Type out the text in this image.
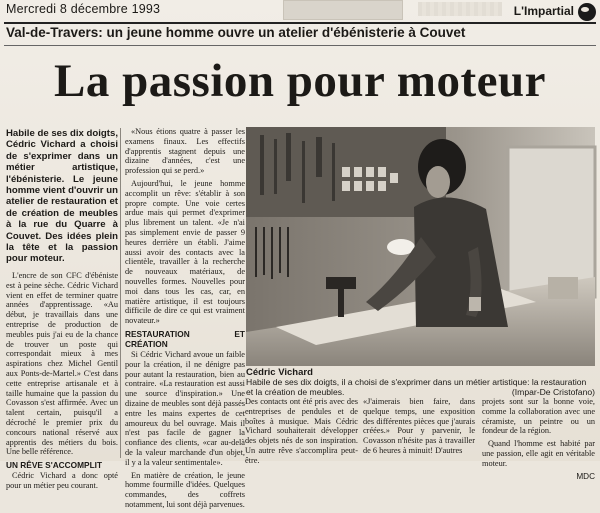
Mercredi 8 décembre 1993	L'Impartial
Val-de-Travers: un jeune homme ouvre un atelier d'ébénisterie à Couvet
La passion pour moteur
Habile de ses dix doigts, Cédric Vichard a choisi de s'exprimer dans un métier artistique, l'ébénisterie. Le jeune homme vient d'ouvrir un atelier de restauration et de création de meubles à la rue du Quarre à Couvet. Des idées plein la tête et la passion pour moteur.

L'encre de son CFC d'ébéniste est à peine sèche. Cédric Vichard vient en effet de terminer quatre années d'apprentissage. «Au début, je travaillais dans une entreprise de production de meubles puis j'ai eu de la chance de trouver un poste qui correspondait mieux à mes aspirations chez Michel Gentil aux Ponts-de-Martel.» C'est dans cette entreprise artisanale et à taille humaine que la passion du Covasson s'est affirmée. Avec un talent certain, puisqu'il a décroché le premier prix du concours national réservé aux apprentis des métiers du bois. Une belle référence.

UN RÊVE S'ACCOMPLIT

Cédric Vichard a donc opté pour un métier peu courant.

«Nous étions quatre à passer les examens finaux. Les effectifs d'apprentis stagnent depuis une dizaine d'années, c'est une profession qui se perd.»

Aujourd'hui, le jeune homme accomplit un rêve: s'établir à son propre compte. Une voie certes ardue mais qui permet d'exprimer plus librement un talent. «Je n'ai pas simplement envie de passer 9 heures derrière un établi. J'aime aussi avoir des contacts avec la clientèle, travailler à la recherche de nouveaux matériaux, de nouvelles formes. Nouvelles pour moi dans tous les cas, car, en matière artistique, il est toujours difficile de dire ce qui est vraiment novateur.»

RESTAURATION ET CRÉATION

Si Cédric Vichard avoue un faible pour la création, il ne dénigre pas pour autant la restauration, bien au contraire. «La restauration est aussi une source d'inspiration.» Une dizaine de meubles sont déjà passés entre les mains expertes de cet amoureux du bel ouvrage. Mais il n'est pas facile de gagner la confiance des clients, «car au-delà de la valeur marchande d'un objet, il y a la valeur sentimentale».

En matière de création, le jeune homme fourmille d'idées. Quelques commandes, des coffrets notamment, lui sont déjà parvenues.

Cédric Vichard
Habile de ses dix doigts, il a choisi de s'exprimer dans un métier artistique: la restauration et la création de meubles.	(Impar-De Cristofano)

Des contacts ont été pris avec des entreprises de pendules et de boîtes à musique. Mais Cédric Vichard souhaiterait développer des objets nés de son inspiration. Un autre rêve s'accomplira peut-être.

«J'aimerais bien faire, dans quelque temps, une exposition des différentes pièces que j'aurais créées.» Pour y parvenir, le Covasson n'hésite pas à travailler de 6 heures à minuit! D'autres

projets sont sur la bonne voie, comme la collaboration avec une céramiste, un peintre ou un fondeur de la région.

Quand l'homme est habité par une passion, elle agit en véritable moteur.

MDC
